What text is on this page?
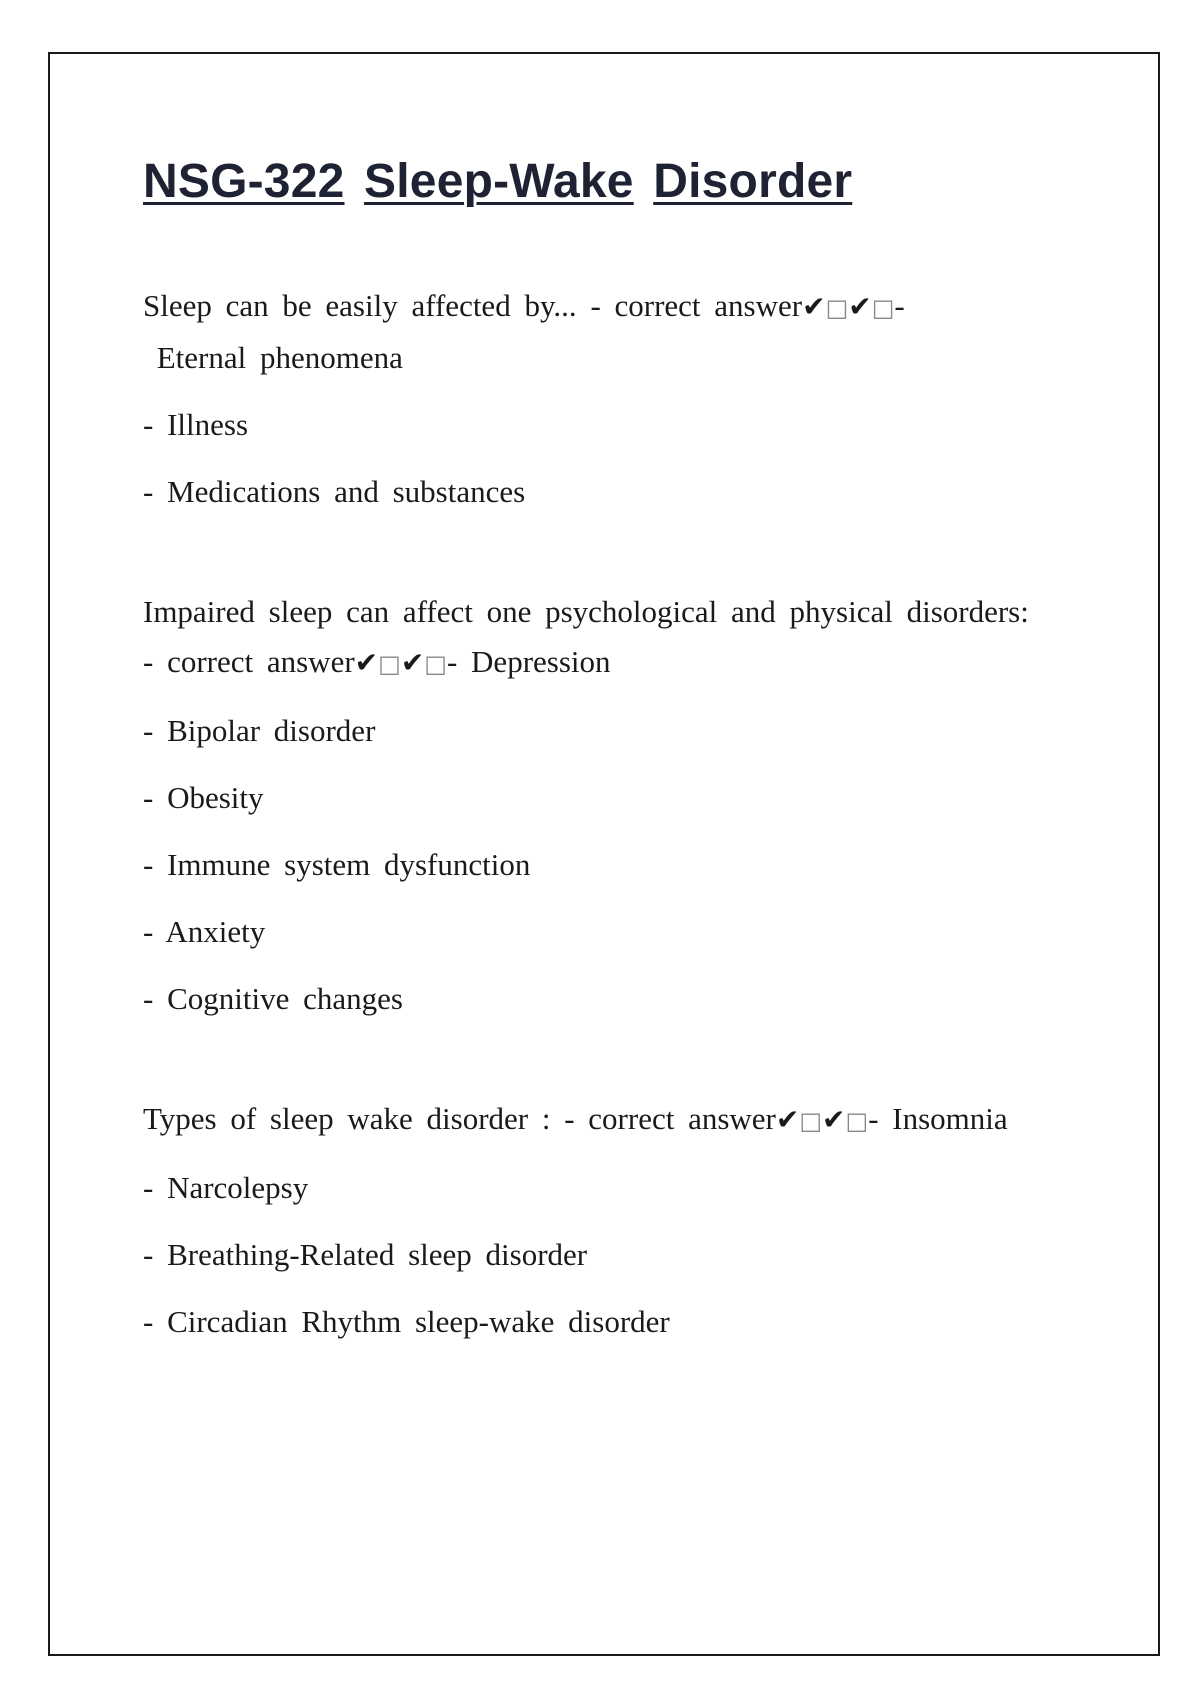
NSG-322 Sleep-Wake Disorder

Sleep can be easily affected by... - correct answer✔□✔□-
Eternal phenomena

- Illness

- Medications and substances

Impaired sleep can affect one psychological and physical disorders:
- correct answer✔□✔□- Depression

- Bipolar disorder

- Obesity

- Immune system dysfunction

- Anxiety

- Cognitive changes

Types of sleep wake disorder : - correct answer✔□✔□- Insomnia

- Narcolepsy

- Breathing-Related sleep disorder

- Circadian Rhythm sleep-wake disorder
